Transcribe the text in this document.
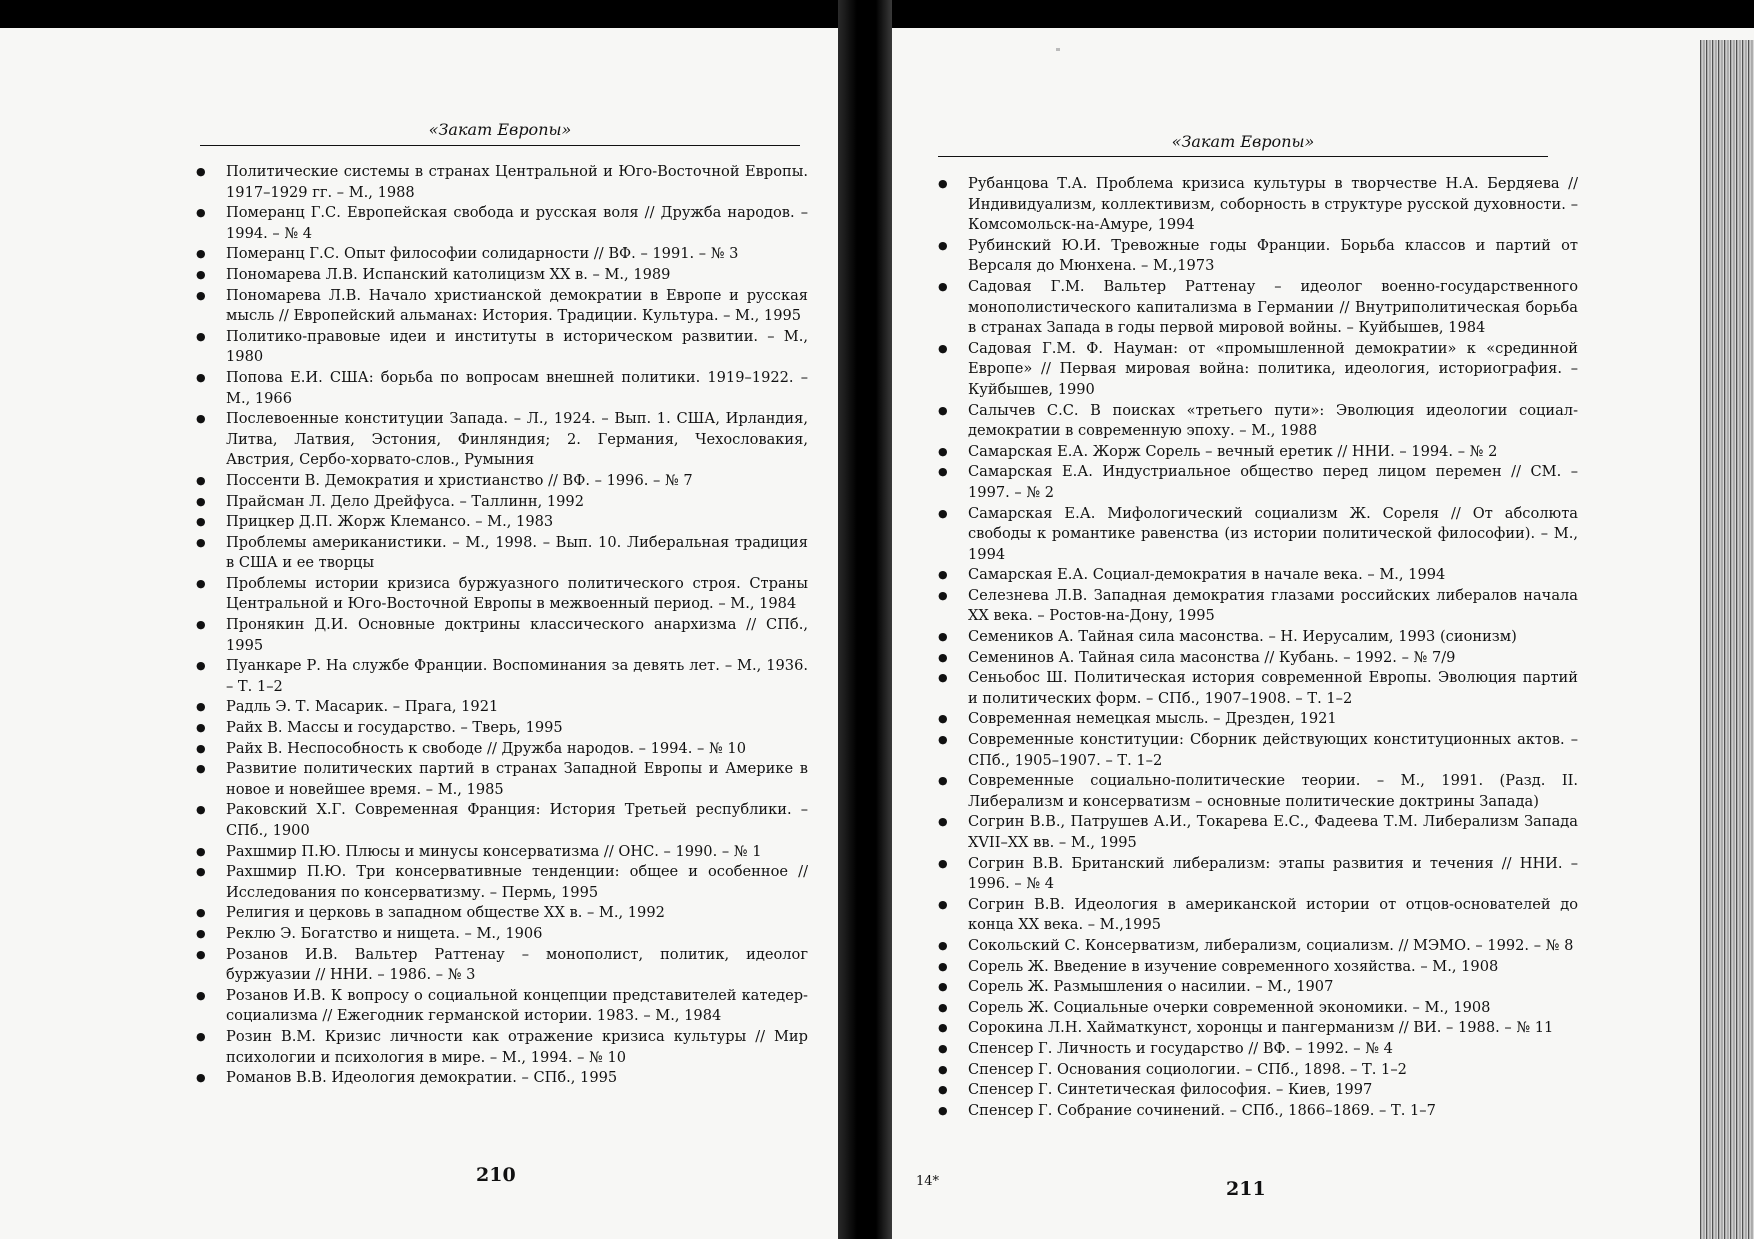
«Закат Европы»
● Политические системы в странах Центральной и Юго-Восточной Европы. 1917–1929 гг. – М., 1988
● Померанц Г.С. Европейская свобода и русская воля // Дружба народов. – 1994. – № 4
● Померанц Г.С. Опыт философии солидарности // ВФ. – 1991. – № 3
● Пономарева Л.В. Испанский католицизм XX в. – М., 1989
● Пономарева Л.В. Начало христианской демократии в Европе и русская мысль // Европейский альманах: История. Традиции. Культура. – М., 1995
● Политико-правовые идеи и институты в историческом развитии. – М., 1980
● Попова Е.И. США: борьба по вопросам внешней политики. 1919–1922. – М., 1966
● Послевоенные конституции Запада. – Л., 1924. – Вып. 1. США, Ирландия, Литва, Латвия, Эстония, Финляндия; 2. Германия, Чехословакия, Австрия, Сербо-хорвато-слов., Румыния
● Поссенти В. Демократия и христианство // ВФ. – 1996. – № 7
● Прайсман Л. Дело Дрейфуса. – Таллинн, 1992
● Прицкер Д.П. Жорж Клемансо. – М., 1983
● Проблемы американистики. – М., 1998. – Вып. 10. Либеральная традиция в США и ее творцы
● Проблемы истории кризиса буржуазного политического строя. Страны Центральной и Юго-Восточной Европы в межвоенный период. – М., 1984
● Пронякин Д.И. Основные доктрины классического анархизма // СПб., 1995
● Пуанкаре Р. На службе Франции. Воспоминания за девять лет. – М., 1936. – Т. 1–2
● Радль Э. Т. Масарик. – Прага, 1921
● Райх В. Массы и государство. – Тверь, 1995
● Райх В. Неспособность к свободе // Дружба народов. – 1994. – № 10
● Развитие политических партий в странах Западной Европы и Америке в новое и новейшее время. – М., 1985
● Раковский Х.Г. Современная Франция: История Третьей республики. – СПб., 1900
● Рахшмир П.Ю. Плюсы и минусы консерватизма // ОНС. – 1990. – № 1
● Рахшмир П.Ю. Три консервативные тенденции: общее и особенное // Исследования по консерватизму. – Пермь, 1995
● Религия и церковь в западном обществе XX в. – М., 1992
● Реклю Э. Богатство и нищета. – М., 1906
● Розанов И.В. Вальтер Раттенау – монополист, политик, идеолог буржуазии // ННИ. – 1986. – № 3
● Розанов И.В. К вопросу о социальной концепции представителей катедер-социализма // Ежегодник германской истории. 1983. – М., 1984
● Розин В.М. Кризис личности как отражение кризиса культуры // Мир психологии и психология в мире. – М., 1994. – № 10
● Романов В.В. Идеология демократии. – СПб., 1995
210
«Закат Европы»
● Рубанцова Т.А. Проблема кризиса культуры в творчестве Н.А. Бердяева // Индивидуализм, коллективизм, соборность в структуре русской духовности. – Комсомольск-на-Амуре, 1994
● Рубинский Ю.И. Тревожные годы Франции. Борьба классов и партий от Версаля до Мюнхена. – М.,1973
● Садовая Г.М. Вальтер Раттенау – идеолог военно-государственного монополистического капитализма в Германии // Внутриполитическая борьба в странах Запада в годы первой мировой войны. – Куйбышев, 1984
● Садовая Г.М. Ф. Науман: от «промышленной демократии» к «срединной Европе» // Первая мировая война: политика, идеология, историография. – Куйбышев, 1990
● Салычев С.С. В поисках «третьего пути»: Эволюция идеологии социал-демократии в современную эпоху. – М., 1988
● Самарская Е.А. Жорж Сорель – вечный еретик // ННИ. – 1994. – № 2
● Самарская Е.А. Индустриальное общество перед лицом перемен // СМ. – 1997. – № 2
● Самарская Е.А. Мифологический социализм Ж. Сореля // От абсолюта свободы к романтике равенства (из истории политической философии). – М., 1994
● Самарская Е.А. Социал-демократия в начале века. – М., 1994
● Селезнева Л.В. Западная демократия глазами российских либералов начала XX века. – Ростов-на-Дону, 1995
● Семеников А. Тайная сила масонства. – Н. Иерусалим, 1993 (сионизм)
● Семенинов А. Тайная сила масонства // Кубань. – 1992. – № 7/9
● Сеньобос Ш. Политическая история современной Европы. Эволюция партий и политических форм. – СПб., 1907–1908. – Т. 1–2
● Современная немецкая мысль. – Дрезден, 1921
● Современные конституции: Сборник действующих конституционных актов. – СПб., 1905–1907. – Т. 1–2
● Современные социально-политические теории. – М., 1991. (Разд. II. Либерализм и консерватизм – основные политические доктрины Запада)
● Согрин В.В., Патрушев А.И., Токарева Е.С., Фадеева Т.М. Либерализм Запада XVII–XX вв. – М., 1995
● Согрин В.В. Британский либерализм: этапы развития и течения // ННИ. – 1996. – № 4
● Согрин В.В. Идеология в американской истории от отцов-основателей до конца XX века. – М.,1995
● Сокольский С. Консерватизм, либерализм, социализм. // МЭМО. – 1992. – № 8
● Сорель Ж. Введение в изучение современного хозяйства. – М., 1908
● Сорель Ж. Размышления о насилии. – М., 1907
● Сорель Ж. Социальные очерки современной экономики. – М., 1908
● Сорокина Л.Н. Хайматкунст, хоронцы и пангерманизм // ВИ. – 1988. – № 11
● Спенсер Г. Личность и государство // ВФ. – 1992. – № 4
● Спенсер Г. Основания социологии. – СПб., 1898. – Т. 1–2
● Спенсер Г. Синтетическая философия. – Киев, 1997
● Спенсер Г. Собрание сочинений. – СПб., 1866–1869. – Т. 1–7
14*	211
